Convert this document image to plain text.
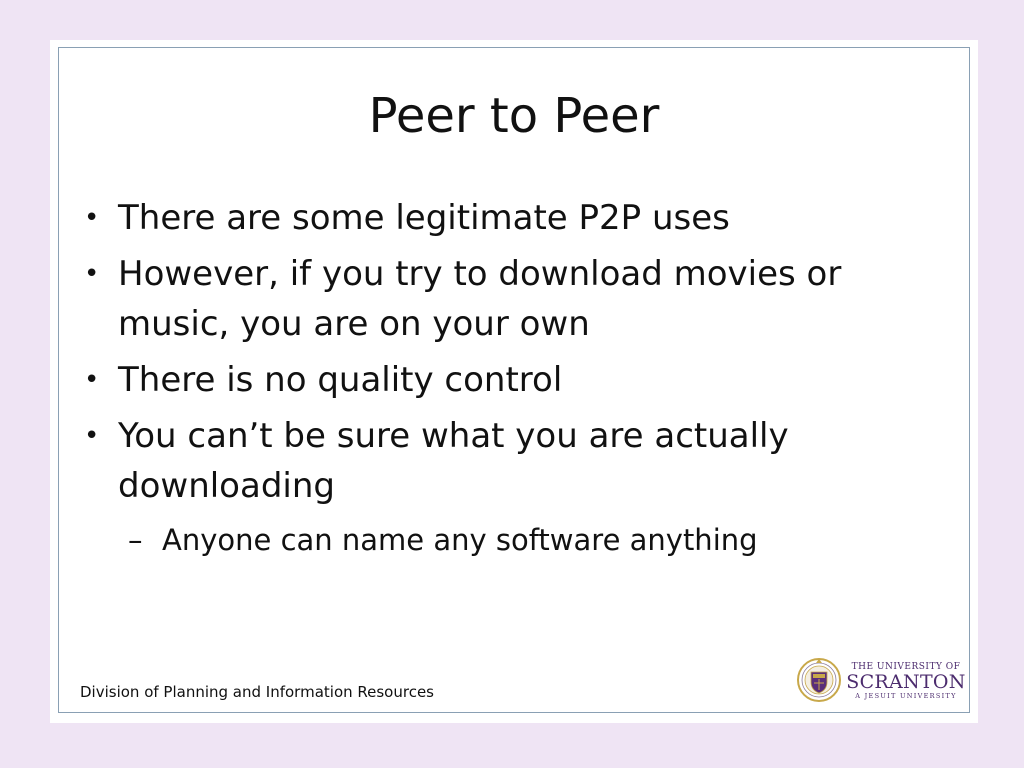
Peer to Peer
• There are some legitimate P2P uses
• However, if you try to download movies or music, you are on your own
• There is no quality control
• You can’t be sure what you are actually downloading
– Anyone can name any software anything
Division of Planning and Information Resources
THE UNIVERSITY OF
SCRANTON
A JESUIT UNIVERSITY
